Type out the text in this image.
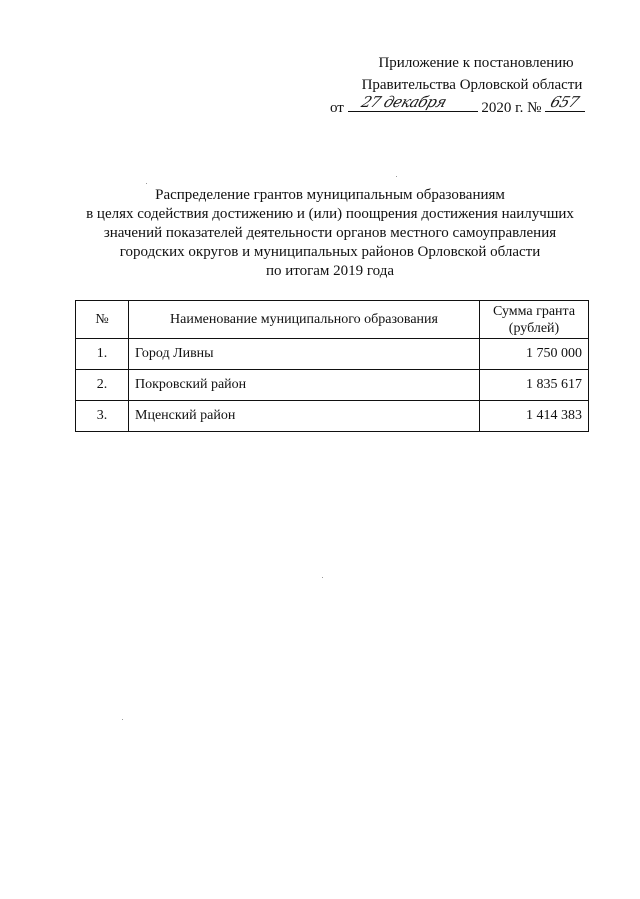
Приложение к постановлению
Правительства Орловской области
от 27 декабря 2020 г. № 657
Распределение грантов муниципальным образованиям
в целях содействия достижению и (или) поощрения достижения наилучших
значений показателей деятельности органов местного самоуправления
городских округов и муниципальных районов Орловской области
по итогам 2019 года
№	Наименование муниципального образования	Сумма гранта (рублей)
1.	Город Ливны	1 750 000
2.	Покровский район	1 835 617
3.	Мценский район	1 414 383
